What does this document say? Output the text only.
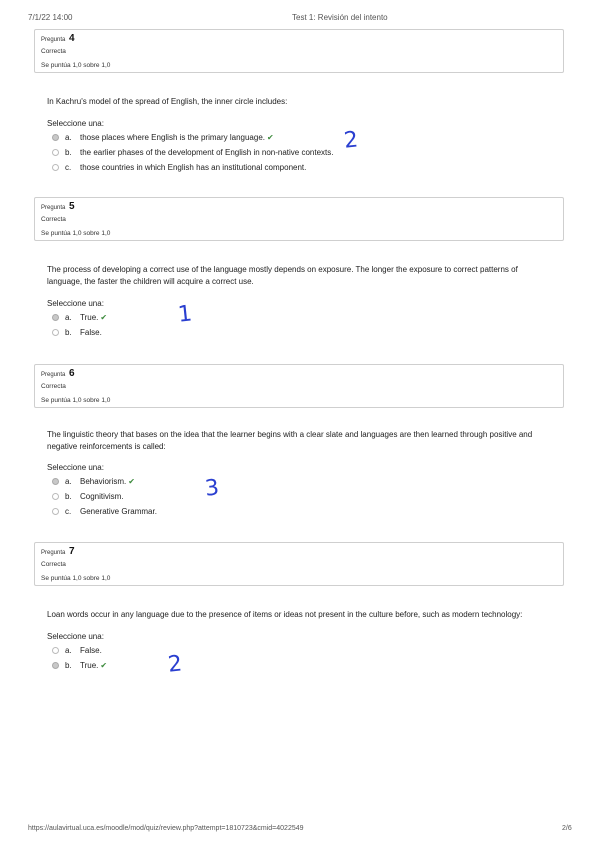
7/1/22 14:00	Test 1: Revisión del intento
Pregunta 4
Correcta
Se puntúa 1,0 sobre 1,0
In Kachru's model of the spread of English, the inner circle includes:
Seleccione una:
a.	those places where English is the primary language. ✔
b.	the earlier phases of the development of English in non-native contexts.
c.	those countries in which English has an institutional component.
2
Pregunta 5
Correcta
Se puntúa 1,0 sobre 1,0
The process of developing a correct use of the language mostly depends on exposure. The longer the exposure to correct patterns of language, the faster the children will acquire a correct use.
Seleccione una:
a.	True. ✔
b.	False.
1
Pregunta 6
Correcta
Se puntúa 1,0 sobre 1,0
The linguistic theory that bases on the idea that the learner begins with a clear slate and languages are then learned through positive and negative reinforcements is called:
Seleccione una:
a.	Behaviorism. ✔
b.	Cognitivism.
c.	Generative Grammar.
3
Pregunta 7
Correcta
Se puntúa 1,0 sobre 1,0
Loan words occur in any language due to the presence of items or ideas not present in the culture before, such as modern technology:
Seleccione una:
a.	False.
b.	True. ✔	2
https://aulavirtual.uca.es/moodle/mod/quiz/review.php?attempt=1810723&cmid=4022549	2/6
